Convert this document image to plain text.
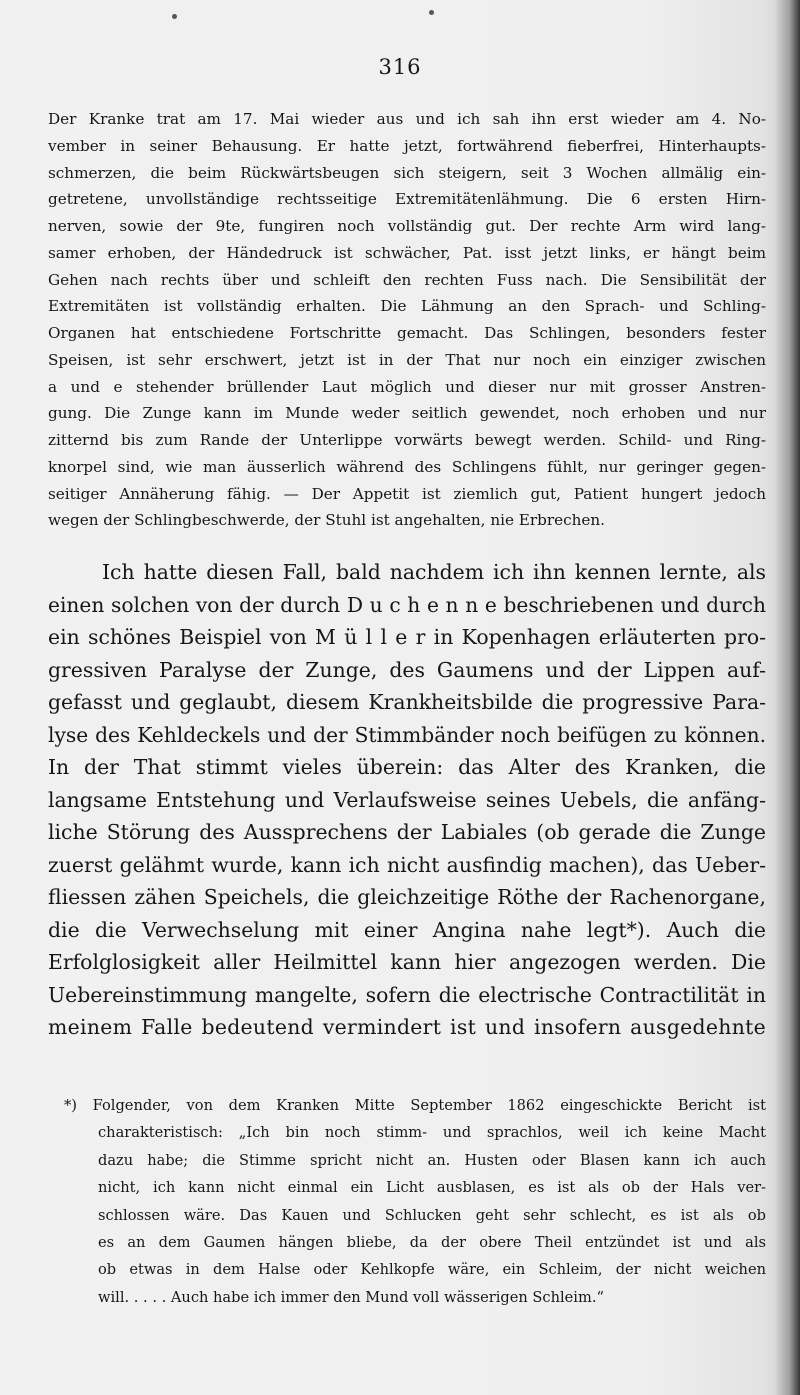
316
Der Kranke trat am 17. Mai wieder aus und ich sah ihn erst wieder am 4. No-
vember in seiner Behausung. Er hatte jetzt, fortwährend fieberfrei, Hinterhaupts-
schmerzen, die beim Rückwärtsbeugen sich steigern, seit 3 Wochen allmälig ein-
getretene, unvollständige rechtsseitige Extremitätenlähmung. Die 6 ersten Hirn-
nerven, sowie der 9te, fungiren noch vollständig gut. Der rechte Arm wird lang-
samer erhoben, der Händedruck ist schwächer, Pat. isst jetzt links, er hängt beim
Gehen nach rechts über und schleift den rechten Fuss nach. Die Sensibilität der
Extremitäten ist vollständig erhalten. Die Lähmung an den Sprach- und Schling-
Organen hat entschiedene Fortschritte gemacht. Das Schlingen, besonders fester
Speisen, ist sehr erschwert, jetzt ist in der That nur noch ein einziger zwischen
a und e stehender brüllender Laut möglich und dieser nur mit grosser Anstren-
gung. Die Zunge kann im Munde weder seitlich gewendet, noch erhoben und nur
zitternd bis zum Rande der Unterlippe vorwärts bewegt werden. Schild- und Ring-
knorpel sind, wie man äusserlich während des Schlingens fühlt, nur geringer gegen-
seitiger Annäherung fähig. — Der Appetit ist ziemlich gut, Patient hungert jedoch
wegen der Schlingbeschwerde, der Stuhl ist angehalten, nie Erbrechen.
Ich hatte diesen Fall, bald nachdem ich ihn kennen lernte, als
einen solchen von der durch D u c h e n n e beschriebenen und durch
ein schönes Beispiel von M ü l l e r in Kopenhagen erläuterten pro-
gressiven Paralyse der Zunge, des Gaumens und der Lippen auf-
gefasst und geglaubt, diesem Krankheitsbilde die progressive Para-
lyse des Kehldeckels und der Stimmbänder noch beifügen zu können.
In der That stimmt vieles überein: das Alter des Kranken, die
langsame Entstehung und Verlaufsweise seines Uebels, die anfäng-
liche Störung des Aussprechens der Labiales (ob gerade die Zunge
zuerst gelähmt wurde, kann ich nicht ausfindig machen), das Ueber-
fliessen zähen Speichels, die gleichzeitige Röthe der Rachenorgane,
die die Verwechselung mit einer Angina nahe legt*). Auch die
Erfolglosigkeit aller Heilmittel kann hier angezogen werden. Die
Uebereinstimmung mangelte, sofern die electrische Contractilität in
meinem Falle bedeutend vermindert ist und insofern ausgedehnte
*) Folgender, von dem Kranken Mitte September 1862 eingeschickte Bericht ist
charakteristisch: „Ich bin noch stimm- und sprachlos, weil ich keine Macht
dazu habe; die Stimme spricht nicht an. Husten oder Blasen kann ich auch
nicht, ich kann nicht einmal ein Licht ausblasen, es ist als ob der Hals ver-
schlossen wäre. Das Kauen und Schlucken geht sehr schlecht, es ist als ob
es an dem Gaumen hängen bliebe, da der obere Theil entzündet ist und als
ob etwas in dem Halse oder Kehlkopfe wäre, ein Schleim, der nicht weichen
will. . . . . Auch habe ich immer den Mund voll wässerigen Schleim.“
